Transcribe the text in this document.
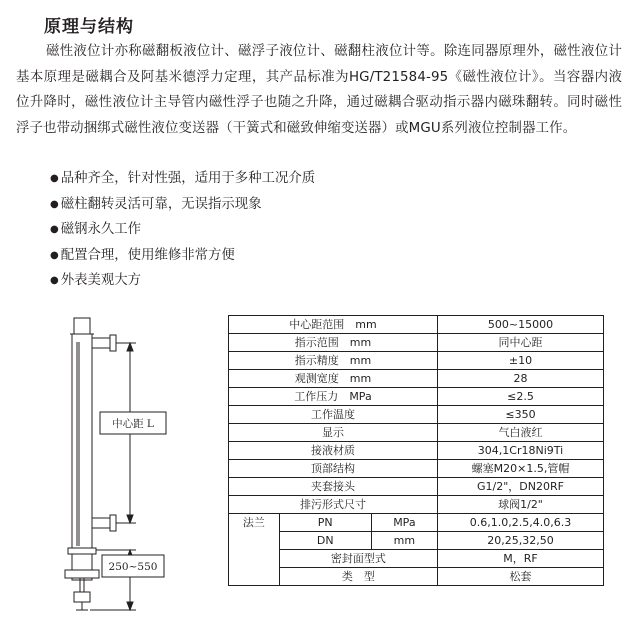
原理与结构

磁性液位计亦称磁翻板液位计、磁浮子液位计、磁翻柱液位计等。除连同器原理外，磁性液位计基本原理是磁耦合及阿基米德浮力定理，其产品标准为HG/T21584-95《磁性液位计》。当容器内液位升降时，磁性液位计主导管内磁性浮子也随之升降，通过磁耦合驱动指示器内磁珠翻转。同时磁性浮子也带动捆绑式磁性液位变送器（干簧式和磁致伸缩变送器）或MGU系列液位控制器工作。

● 品种齐全，针对性强，适用于多种工况介质
● 磁柱翻转灵活可靠，无误指示现象
● 磁钢永久工作
● 配置合理，使用维修非常方便
● 外表美观大方
中心距 L
250~550
中心距范围　 mm			500~15000
指示范围　 mm			同中心距
指示精度　 mm			±10
观测宽度　 mm			28
工作压力　 MPa			≤2.5
工作温度			≤350
显示			气白液红
接液材质			304,1Cr18Ni9Ti
顶部结构			螺塞M20×1.5,管帽
夹套接头			G1/2"，DN20RF
排污形式尺寸			球阀1/2"
法兰	PN	MPa	0.6,1.0,2.5,4.0,6.3
	DN	mm	20,25,32,50
	密封面型式		M，RF
	类　型		松套
